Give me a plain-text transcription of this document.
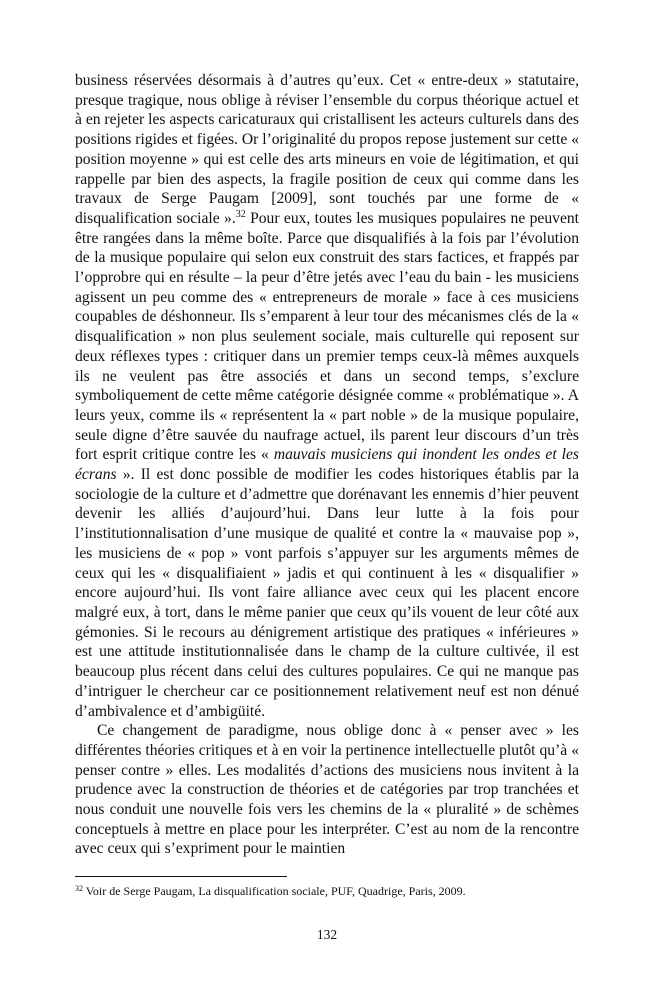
business réservées désormais à d’autres qu’eux. Cet « entre-deux » statutaire, presque tragique, nous oblige à réviser l’ensemble du corpus théorique actuel et à en rejeter les aspects caricaturaux qui cristallisent les acteurs culturels dans des positions rigides et figées. Or l’originalité du propos repose justement sur cette « position moyenne » qui est celle des arts mineurs en voie de légitimation, et qui rappelle par bien des aspects, la fragile position de ceux qui comme dans les travaux de Serge Paugam [2009], sont touchés par une forme de « disqualification sociale ».$^{32}$ Pour eux, toutes les musiques populaires ne peuvent être rangées dans la même boîte. Parce que disqualifiés à la fois par l’évolution de la musique populaire qui selon eux construit des stars factices, et frappés par l’opprobre qui en résulte – la peur d’être jetés avec l’eau du bain - les musiciens agissent un peu comme des « entrepreneurs de morale » face à ces musiciens coupables de déshonneur. Ils s’emparent à leur tour des mécanismes clés de la « disqualification » non plus seulement sociale, mais culturelle qui reposent sur deux réflexes types : critiquer dans un premier temps ceux-là mêmes auxquels ils ne veulent pas être associés et dans un second temps, s’exclure symboliquement de cette même catégorie désignée comme « problématique ». A leurs yeux, comme ils « représentent la « part noble » de la musique populaire, seule digne d’être sauvée du naufrage actuel, ils parent leur discours d’un très fort esprit critique contre les « mauvais musiciens qui inondent les ondes et les écrans ». Il est donc possible de modifier les codes historiques établis par la sociologie de la culture et d’admettre que dorénavant les ennemis d’hier peuvent devenir les alliés d’aujourd’hui. Dans leur lutte à la fois pour l’institutionnalisation d’une musique de qualité et contre la « mauvaise pop », les musiciens de « pop » vont parfois s’appuyer sur les arguments mêmes de ceux qui les « disqualifiaient » jadis et qui continuent à les « disqualifier » encore aujourd’hui. Ils vont faire alliance avec ceux qui les placent encore malgré eux, à tort, dans le même panier que ceux qu’ils vouent de leur côté aux gémonies. Si le recours au dénigrement artistique des pratiques « inférieures » est une attitude institutionnalisée dans le champ de la culture cultivée, il est beaucoup plus récent dans celui des cultures populaires. Ce qui ne manque pas d’intriguer le chercheur car ce positionnement relativement neuf est non dénué d’ambivalence et d’ambigüité.

Ce changement de paradigme, nous oblige donc à « penser avec » les différentes théories critiques et à en voir la pertinence intellectuelle plutôt qu’à « penser contre » elles. Les modalités d’actions des musiciens nous invitent à la prudence avec la construction de théories et de catégories par trop tranchées et nous conduit une nouvelle fois vers les chemins de la « pluralité » de schèmes conceptuels à mettre en place pour les interpréter. C’est au nom de la rencontre avec ceux qui s’expriment pour le maintien

$^{32}$ Voir de Serge Paugam, La disqualification sociale, PUF, Quadrige, Paris, 2009.
132
